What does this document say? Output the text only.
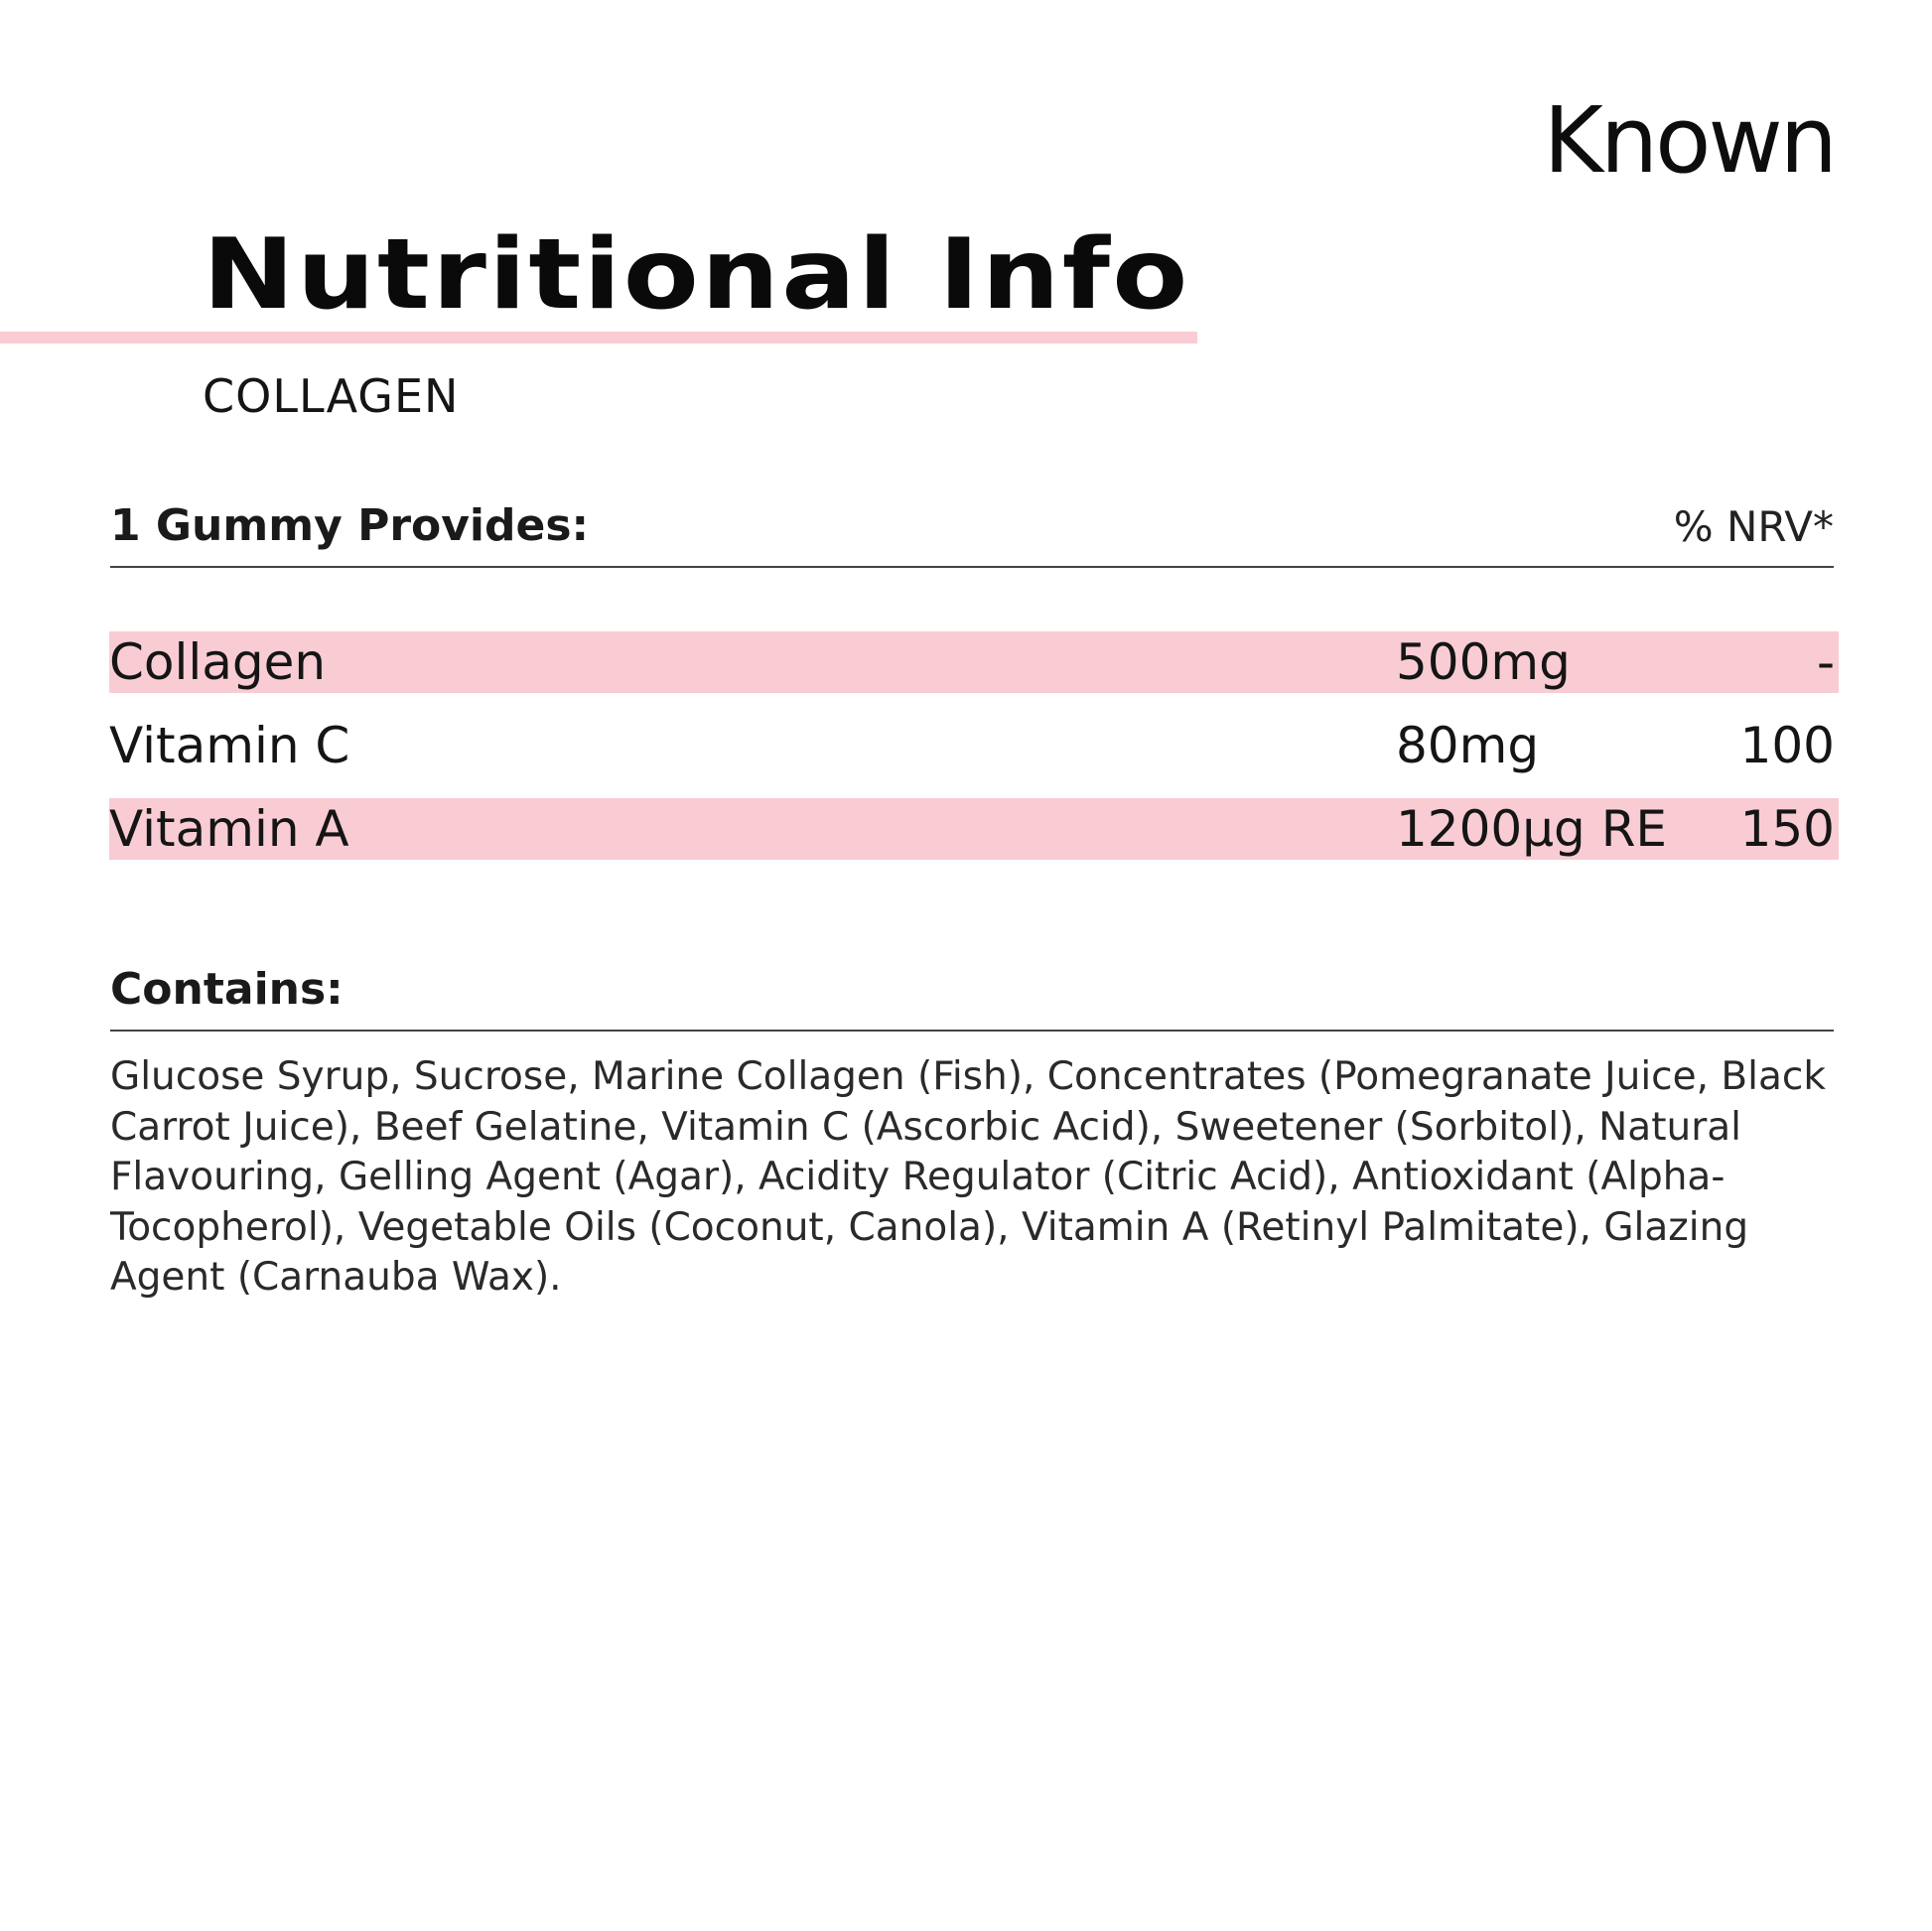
Known
Nutritional Info
COLLAGEN
1 Gummy Provides:	% NRV*
Collagen	500mg	-
Vitamin C	80mg	100
Vitamin A	1200μg RE 150
Contains:
Glucose Syrup, Sucrose, Marine Collagen (Fish), Concentrates (Pomegranate Juice, Black Carrot Juice), Beef Gelatine, Vitamin C (Ascorbic Acid), Sweetener (Sorbitol), Natural Flavouring, Gelling Agent (Agar), Acidity Regulator (Citric Acid), Antioxidant (Alpha-Tocopherol), Vegetable Oils (Coconut, Canola), Vitamin A (Retinyl Palmitate), Glazing Agent (Carnauba Wax).
